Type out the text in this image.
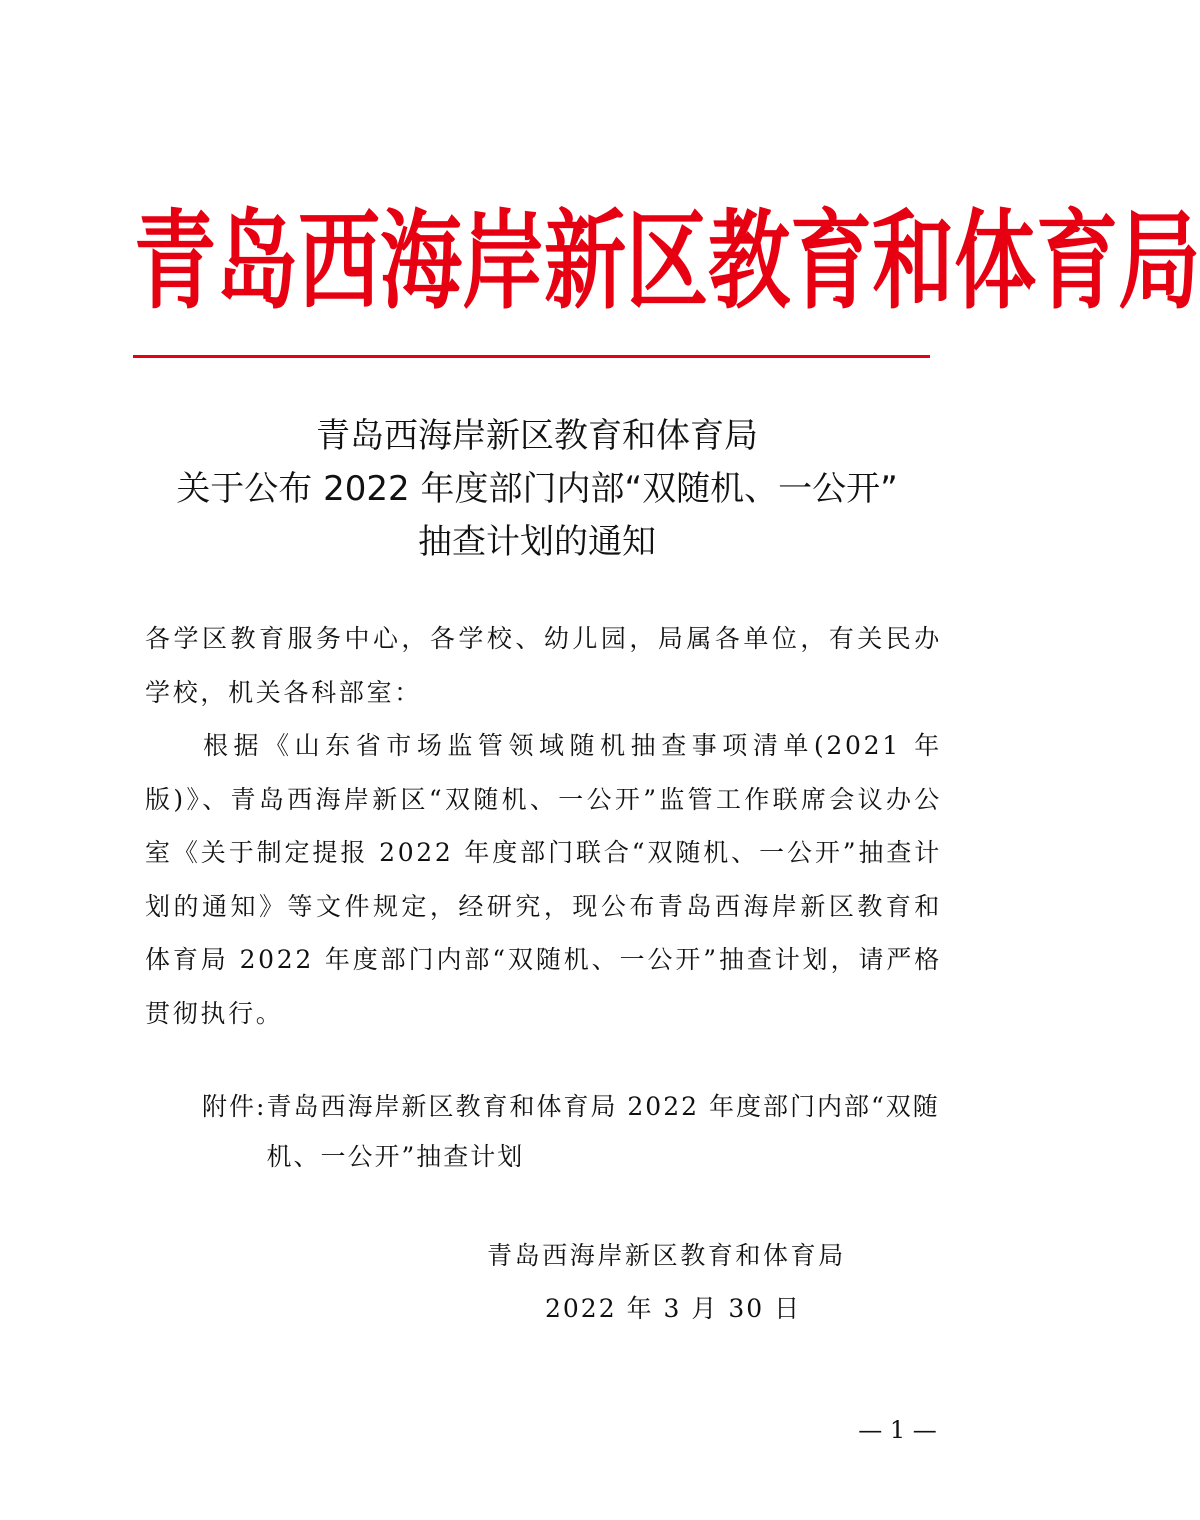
青 岛 西 海 岸 新 区 教 育 和 体 育 局
青岛西海岸新区教育和体育局
关于公布 2022 年度部门内部“双随机、一公开”
抽查计划的通知

各学区教育服务中心，各学校、幼儿园，局属各单位，有关民办学校，机关各科部室：

根据《山东省市场监管领域随机抽查事项清单(2021 年版)》、青岛西海岸新区“双随机、一公开”监管工作联席会议办公室《关于制定提报 2022 年度部门联合“双随机、一公开”抽查计划的通知》等文件规定，经研究，现公布青岛西海岸新区教育和体育局 2022 年度部门内部“双随机、一公开”抽查计划，请严格贯彻执行。

附件: 青岛西海岸新区教育和体育局 2022 年度部门内部“双随机、一公开”抽查计划

青岛西海岸新区教育和体育局

2022 年 3 月 30 日

— 1 —
